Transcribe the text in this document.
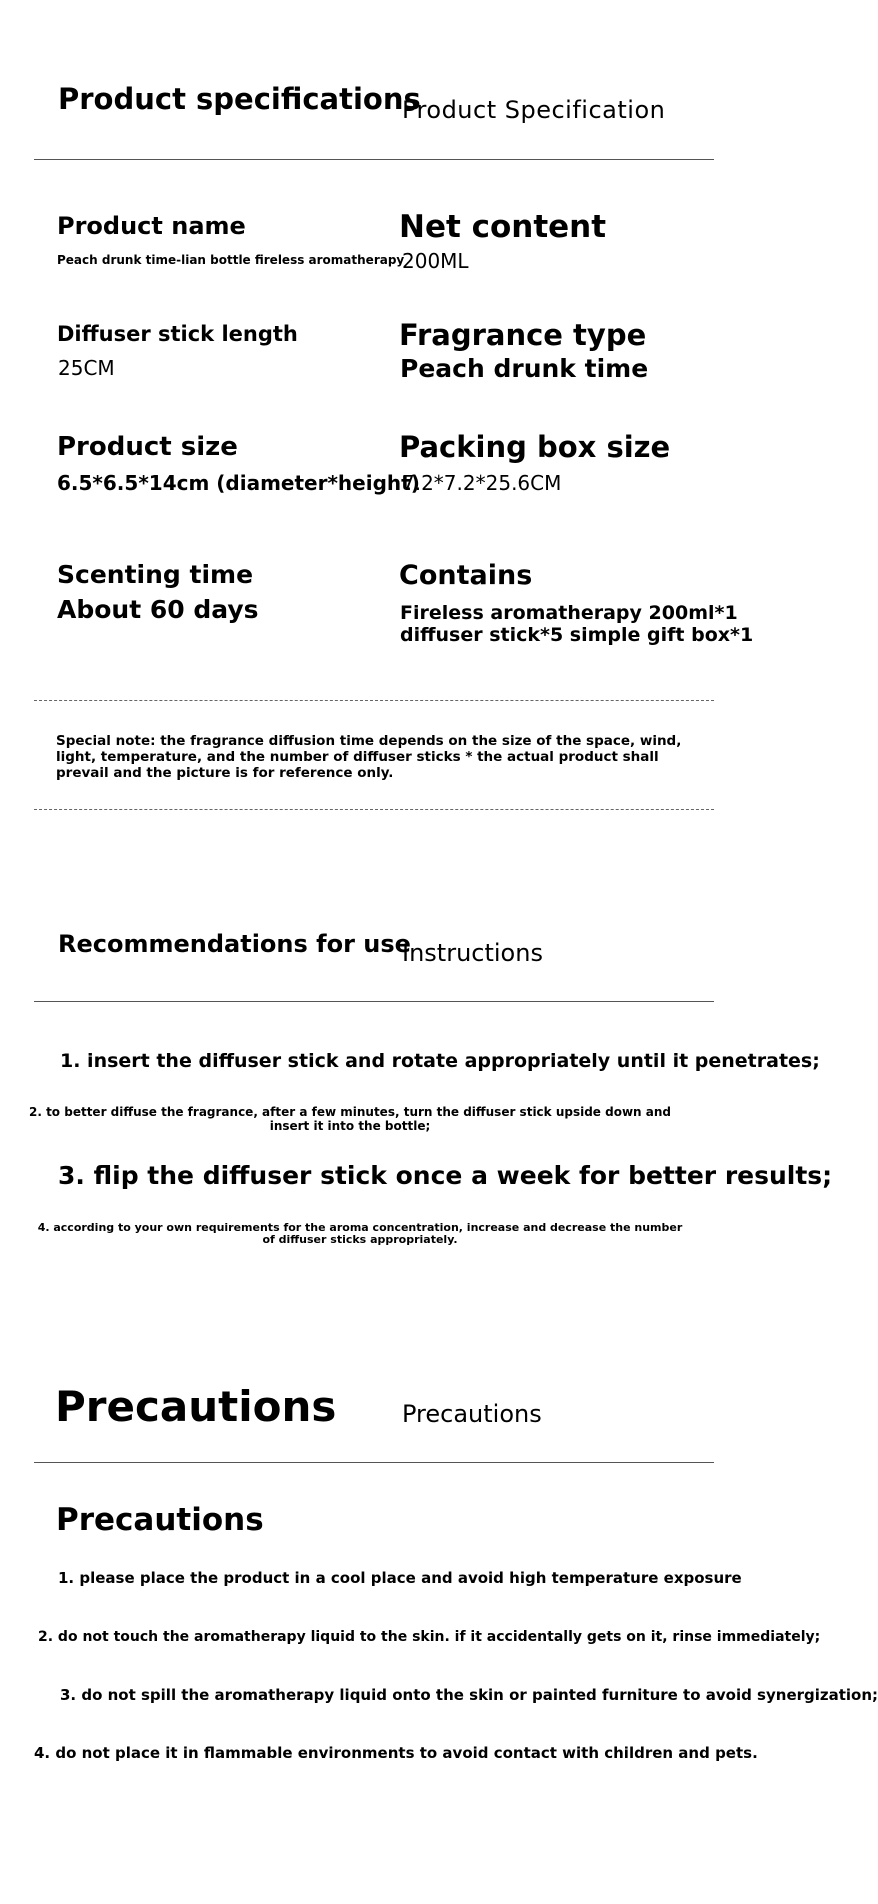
Product specifications
Product Specification
Product name
Peach drunk time-lian bottle fireless aromatherapy
Net content
200ML
Diffuser stick length
25CM
Fragrance type
Peach drunk time
Product size
6.5*6.5*14cm (diameter*height)
Packing box size
7.2*7.2*25.6CM
Scenting time
About 60 days
Contains
Fireless aromatherapy 200ml*1
diffuser stick*5 simple gift box*1
Special note: the fragrance diffusion time depends on the size of the space, wind, light, temperature, and the number of diffuser sticks * the actual product shall prevail and the picture is for reference only.
Recommendations for use
Instructions
1. insert the diffuser stick and rotate appropriately until it penetrates;
2. to better diffuse the fragrance, after a few minutes, turn the diffuser stick upside down and insert it into the bottle;
3. flip the diffuser stick once a week for better results;
4. according to your own requirements for the aroma concentration, increase and decrease the number of diffuser sticks appropriately.
Precautions	Precautions
Precautions
1. please place the product in a cool place and avoid high temperature exposure
2. do not touch the aromatherapy liquid to the skin. if it accidentally gets on it, rinse immediately;
3. do not spill the aromatherapy liquid onto the skin or painted furniture to avoid synergization;
4. do not place it in flammable environments to avoid contact with children and pets.
